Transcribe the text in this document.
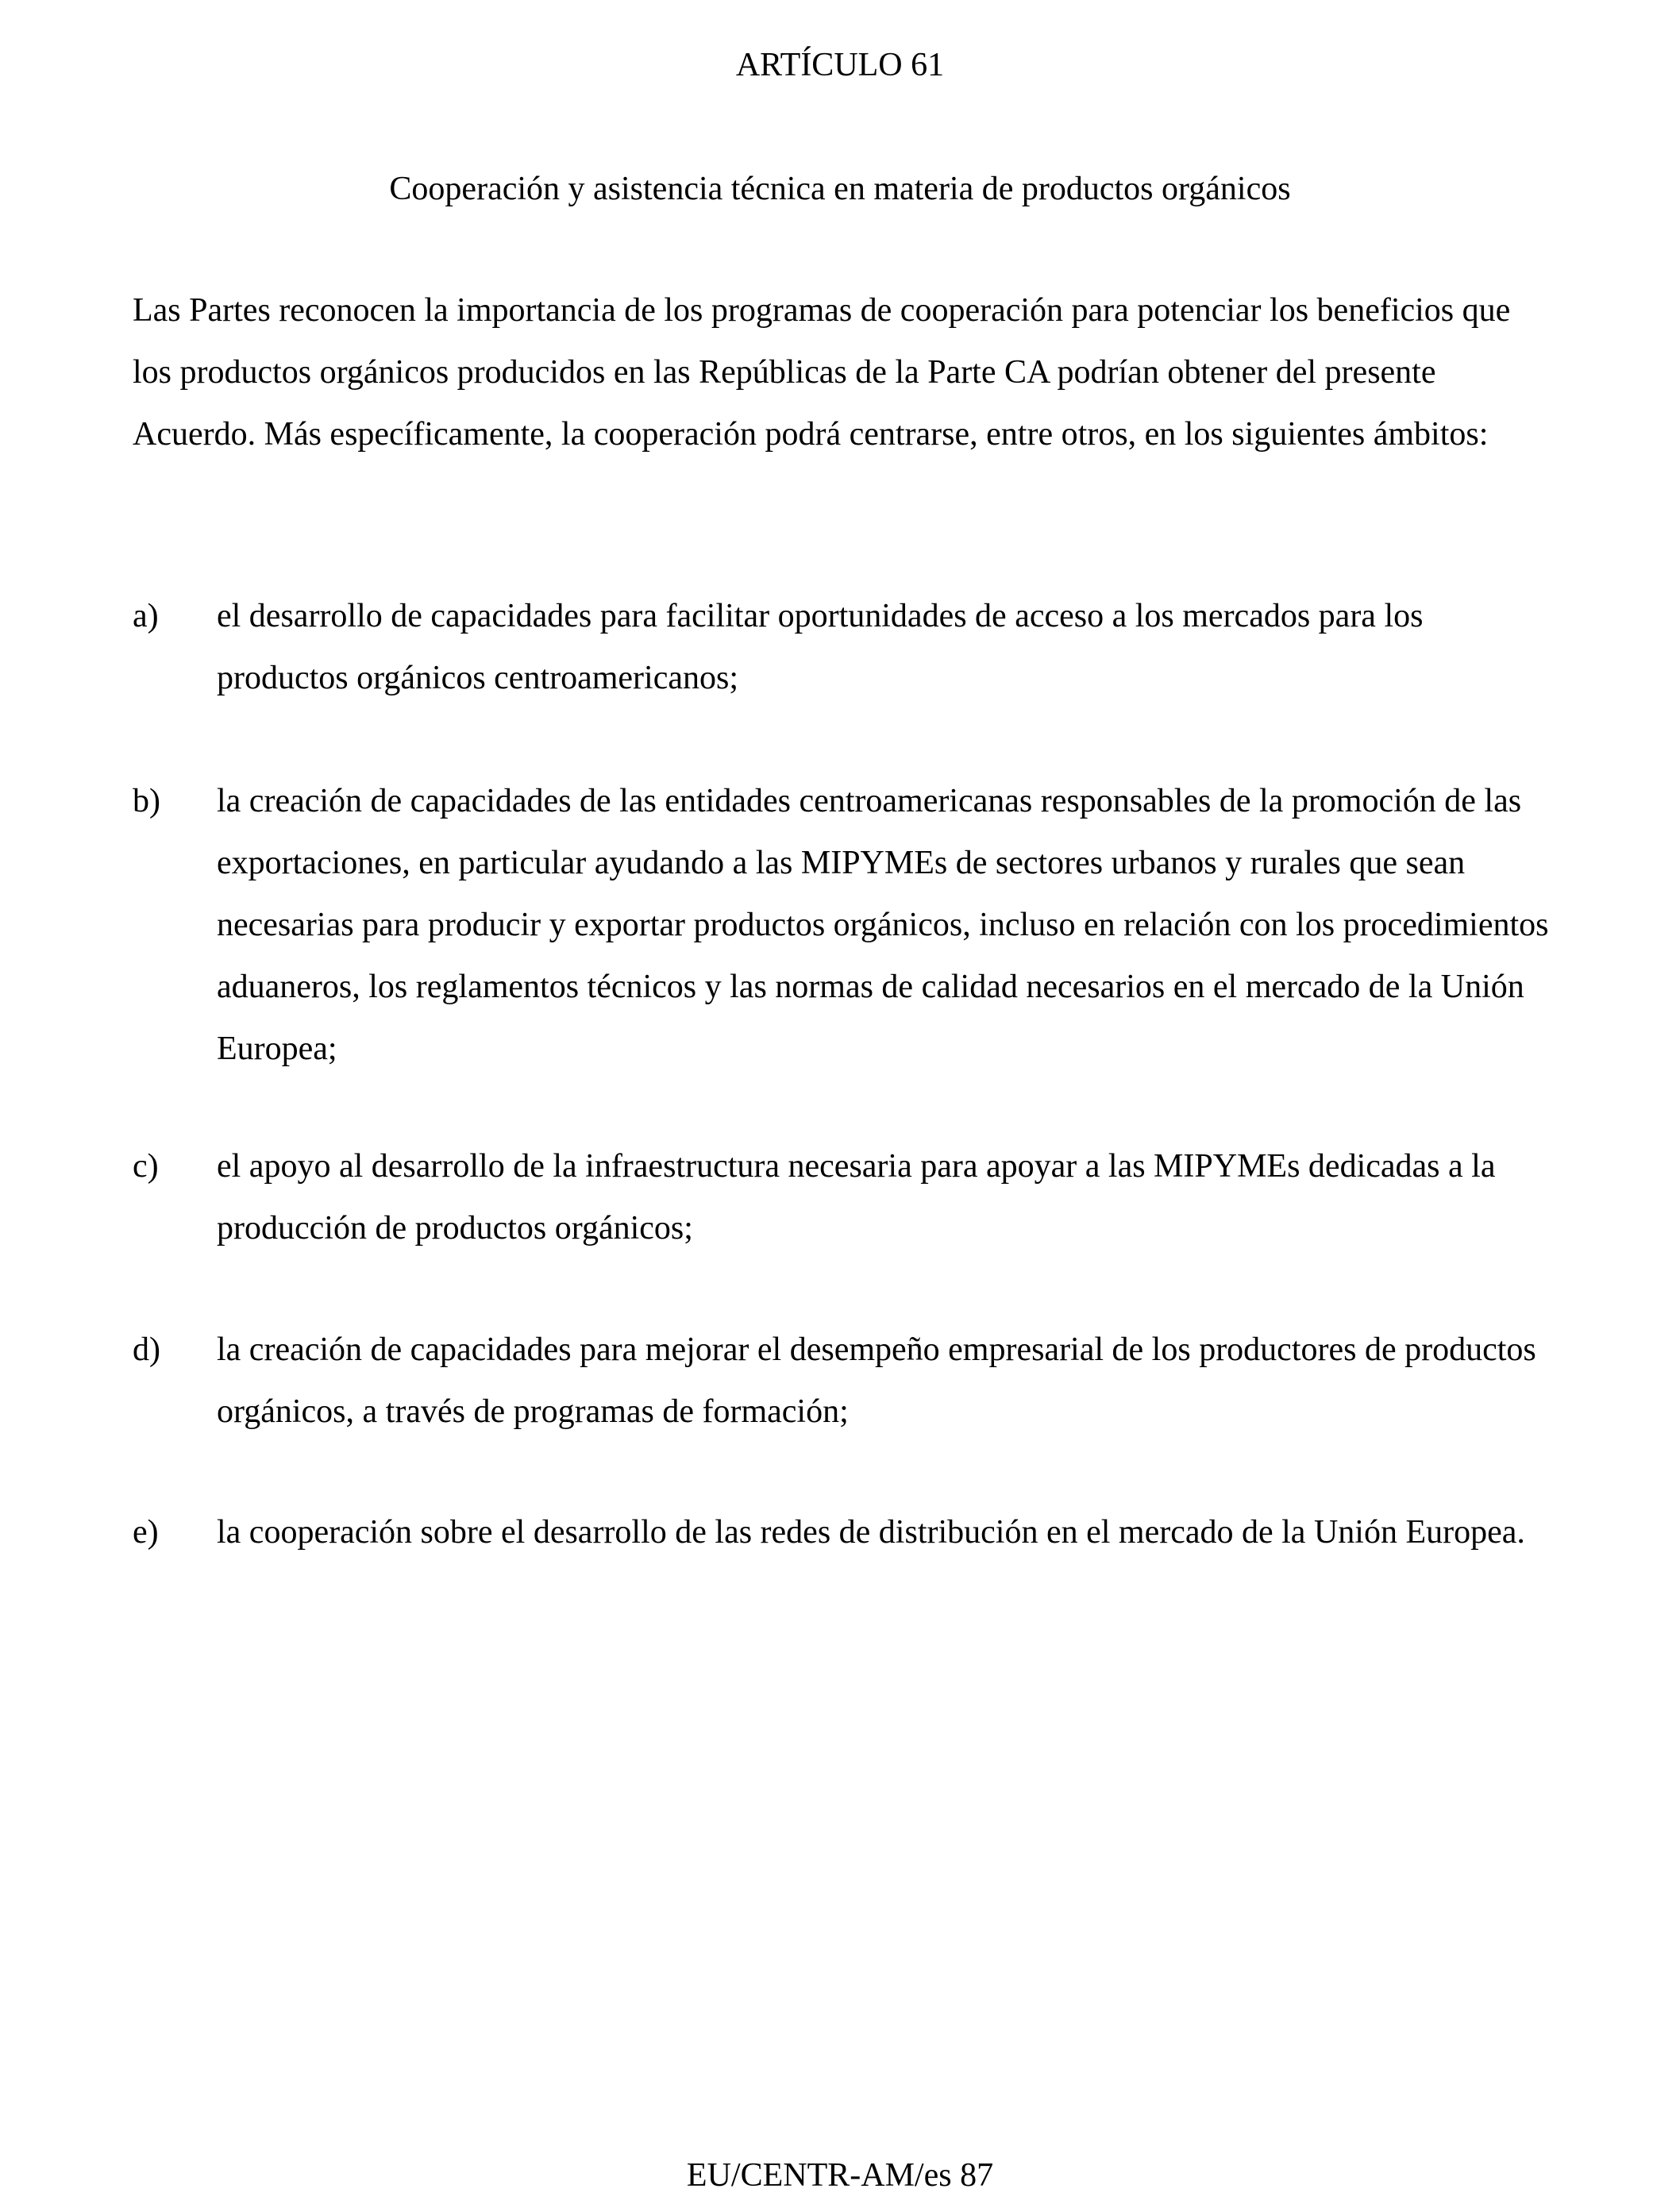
ARTÍCULO 61
Cooperación y asistencia técnica en materia de productos orgánicos

Las Partes reconocen la importancia de los programas de cooperación para potenciar los beneficios que los productos orgánicos producidos en las Repúblicas de la Parte CA podrían obtener del presente Acuerdo. Más específicamente, la cooperación podrá centrarse, entre otros, en los siguientes ámbitos:

a) el desarrollo de capacidades para facilitar oportunidades de acceso a los mercados para los productos orgánicos centroamericanos;
b) la creación de capacidades de las entidades centroamericanas responsables de la promoción de las exportaciones, en particular ayudando a las MIPYMEs de sectores urbanos y rurales que sean necesarias para producir y exportar productos orgánicos, incluso en relación con los procedimientos aduaneros, los reglamentos técnicos y las normas de calidad necesarios en el mercado de la Unión Europea;
c) el apoyo al desarrollo de la infraestructura necesaria para apoyar a las MIPYMEs dedicadas a la producción de productos orgánicos;
d) la creación de capacidades para mejorar el desempeño empresarial de los productores de productos orgánicos, a través de programas de formación;
e) la cooperación sobre el desarrollo de las redes de distribución en el mercado de la Unión Europea.
EU/CENTR-AM/es 87
